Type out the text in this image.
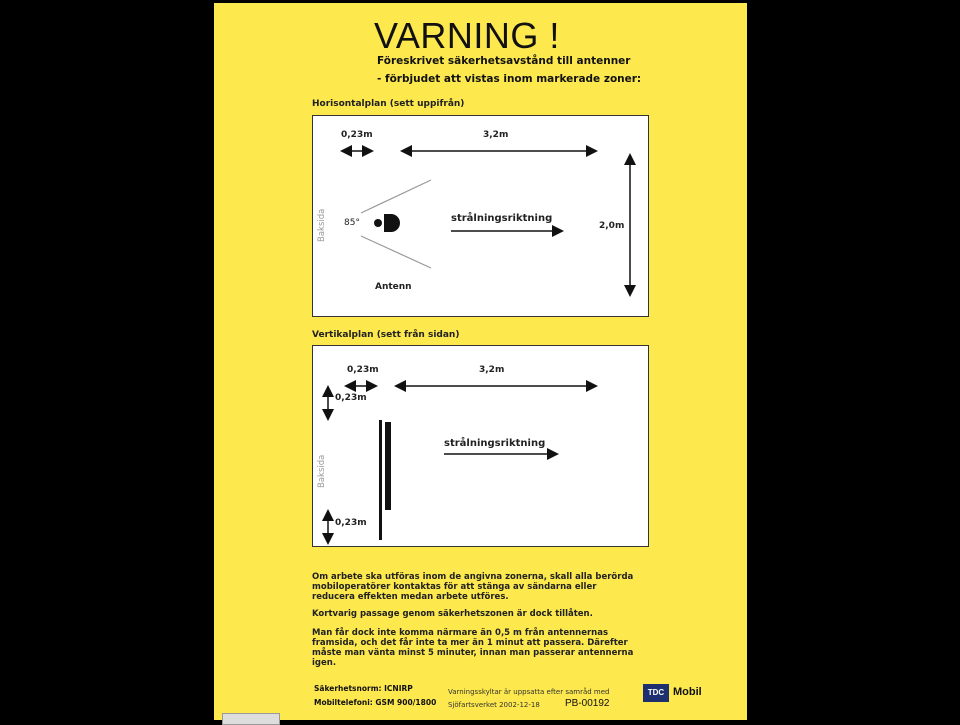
VARNING !
Föreskrivet säkerhetsavstånd till antenner
- förbjudet att vistas inom markerade zoner:
Horisontalplan (sett uppifrån)
0,23m	3,2m
2,0m
85°	strålningsriktning
Baksida
Antenn
Vertikalplan (sett från sidan)
0,23m	3,2m
0,23m
0,23m
strålningsriktning
Baksida
Om arbete ska utföras inom de angivna zonerna, skall alla berörda mobiloperatörer kontaktas för att stänga av sändarna eller reducera effekten medan arbete utföres.
Kortvarig passage genom säkerhetszonen är dock tillåten.
Man får dock inte komma närmare än 0,5 m från antennernas framsida, och det får inte ta mer än 1 minut att passera. Därefter måste man vänta minst 5 minuter, innan man passerar antennerna igen.
Säkerhetsnorm: ICNIRP
Mobiltelefoni: GSM 900/1800
Varningsskyltar är uppsatta efter samråd med
Sjöfartsverket 2002-12-18	PB-00192
TDC Mobil
